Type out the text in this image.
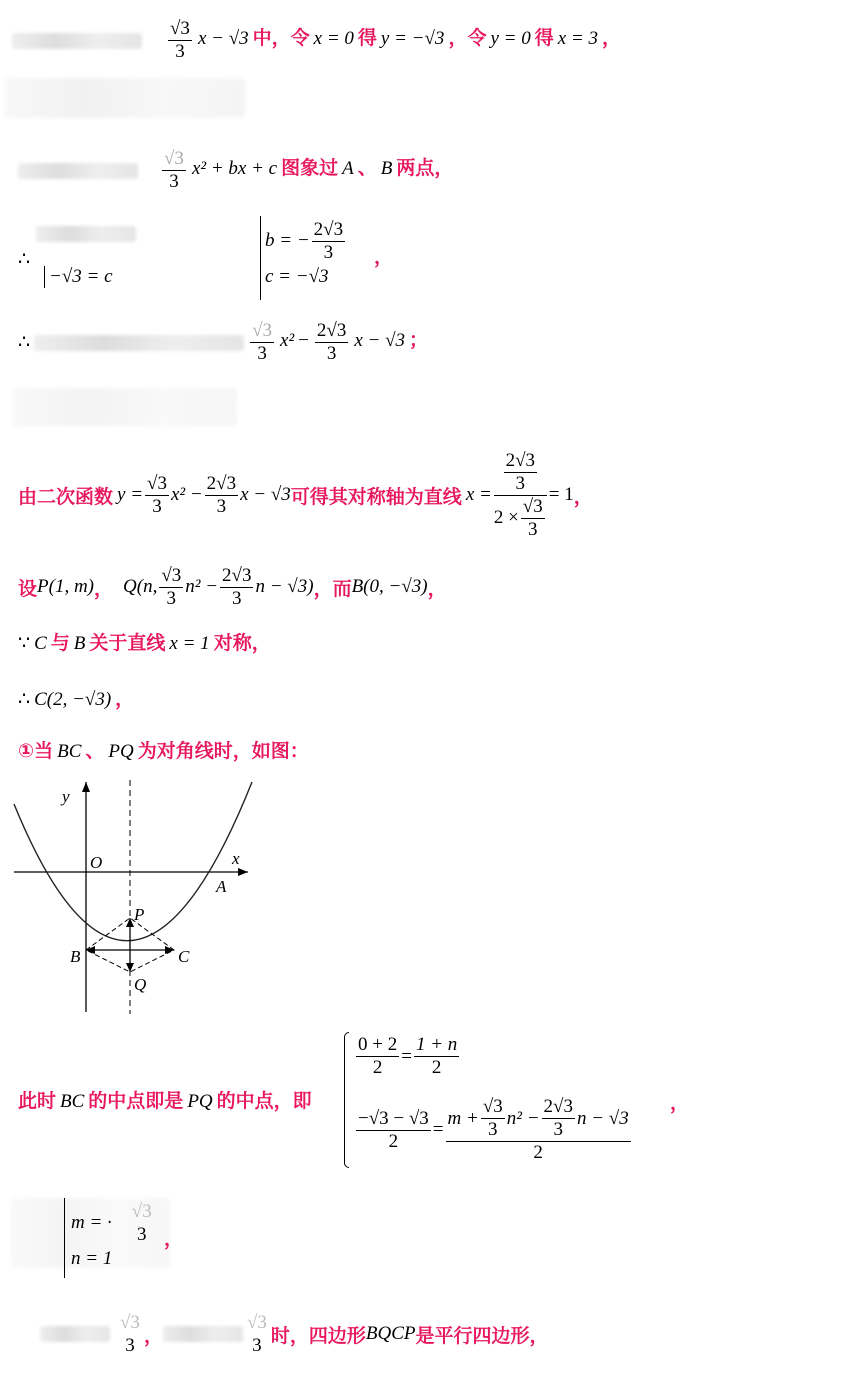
$\frac{√3}{3}$ x − √3 中，令 x = 0 得 y = −√3 ，令 y = 0 得 x = 3 ，

$\frac{√3}{3} x^2$ + bx + c 图象过 A 、 B 两点，
∴
−√3 = c
b = − $\frac{2√3}{3}$
c = −√3
，
∴	$\frac{√3}{3} x^2 - \frac{2√3}{3}$ x − √3 ；
由二次函数 $y = \frac{√3}{3} x^2 - \frac{2√3}{3}$ x − √3 可得其对称轴为直线 $x = \frac{\frac{2√3}{3}}{2 \times \frac{√3}{3}} = 1$ ，
设 P(1, m) ， Q(n,
√3
3
$n^2 - \frac{2√3}{3}$ n − √3) ，而 B(0, −√3) ，
∵ C 与 B 关于直线 x = 1 对称，
∴ C(2, −√3) ，
①当 BC 、 PQ 为对角线时，如图：
y
x
O
A
P
B	C
Q
此时 BC 的中点即是 PQ 的中点，即
$\frac{0 + 2}{2} = \frac{1 + n}{2}$
$\frac{-√3 - √3}{2} = \frac{m + \frac{√3}{3} n^2 - \frac{2√3}{3} n - √3}{2}$ ，
m = ·
√3
3
n = 1
，
√3
3 ，
√3
3 时，四边形 BQCP 是平行四边形，
